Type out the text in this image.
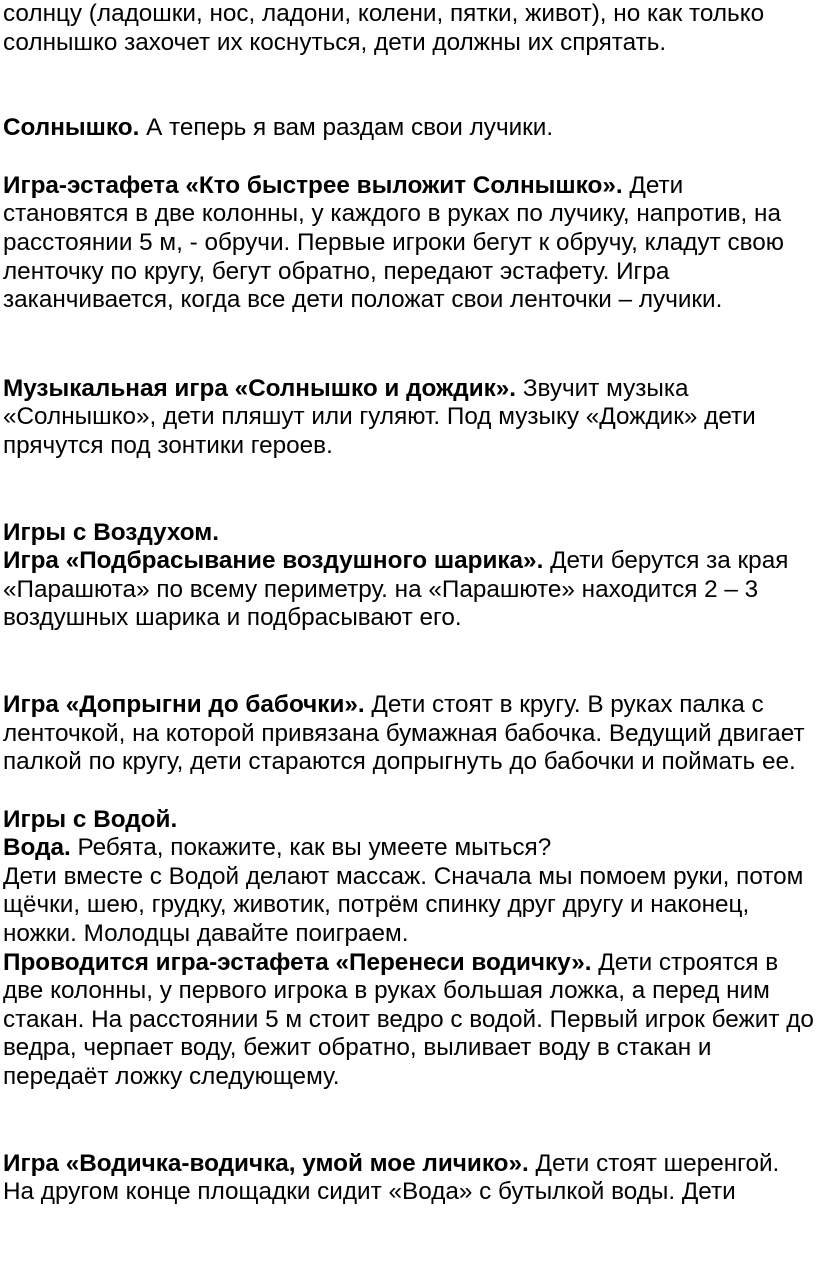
солнцу (ладошки, нос, ладони, колени, пятки, живот), но как только солнышко захочет их коснуться, дети должны их спрятать.

Солнышко. А теперь я вам раздам свои лучики.

Игра-эстафета «Кто быстрее выложит Солнышко». Дети становятся в две колонны, у каждого в руках по лучику, напротив, на расстоянии 5 м, - обручи. Первые игроки бегут к обручу, кладут свою ленточку по кругу, бегут обратно, передают эстафету. Игра заканчивается, когда все дети положат свои ленточки – лучики.

Музыкальная игра «Солнышко и дождик». Звучит музыка «Солнышко», дети пляшут или гуляют. Под музыку «Дождик» дети прячутся под зонтики героев.

Игры с Воздухом.

Игра «Подбрасывание воздушного шарика». Дети берутся за края «Парашюта» по всему периметру. на «Парашюте» находится 2 – 3 воздушных шарика и подбрасывают его.

Игра «Допрыгни до бабочки». Дети стоят в кругу. В руках палка с ленточкой, на которой привязана бумажная бабочка. Ведущий двигает палкой по кругу, дети стараются допрыгнуть до бабочки и поймать ее.

Игры с Водой.

Вода. Ребята, покажите, как вы умеете мыться?

Дети вместе с Водой делают массаж. Сначала мы помоем руки, потом щёчки, шею, грудку, животик, потрём спинку друг другу и наконец, ножки. Молодцы давайте поиграем.

Проводится игра-эстафета «Перенеси водичку». Дети строятся в две колонны, у первого игрока в руках большая ложка, а перед ним стакан. На расстоянии 5 м стоит ведро с водой. Первый игрок бежит до ведра, черпает воду, бежит обратно, выливает воду в стакан и передаёт ложку следующему.

Игра «Водичка-водичка, умой мое личико». Дети стоят шеренгой.

На другом конце площадки сидит «Вода» с бутылкой воды. Дети
